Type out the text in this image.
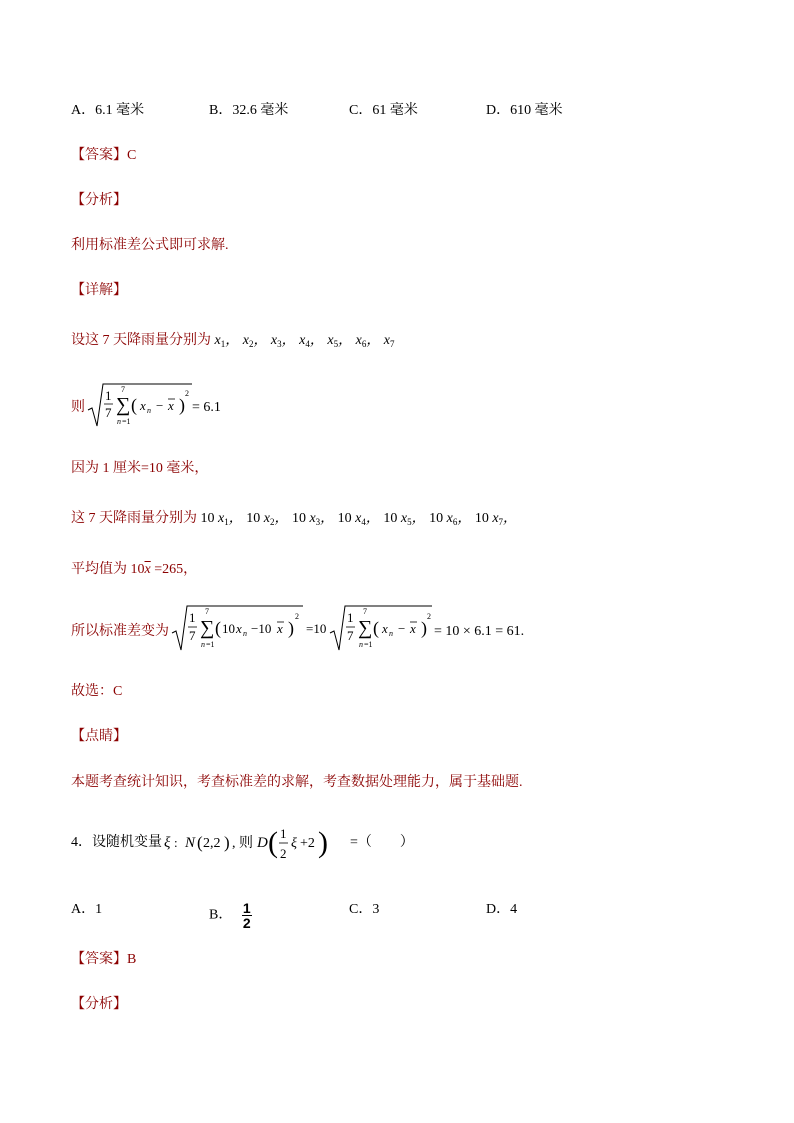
A．6.1 毫米	B．32.6 毫米	C．61 毫米	D．610 毫米
【答案】C
【分析】
利用标准差公式即可求解.
【详解】
设这 7 天降雨量分别为 $x_1$， $x_2$， $x_3$， $x_4$， $x_5$， $x_6$， $x_7$
则
1
7
7
∑
n =1
( x n − x )
2
= 6.1
因为 1 厘米=10 毫米，
这 7 天降雨量分别为 10 $x_1$， 10 $x_2$， 10 $x_3$， 10 $x_4$， 10 $x_5$， 10 $x_6$， 10 $x_7$，
平均值为 $10\overline{x} =265$，
所以标准差变为
1
7
7
∑
n =1
( 10 x n −10 x )
2
=10
1
7
7
∑
n =1
( x n − x )
2
= 10 × 6.1 = 61.
故选：C
【点睛】
本题考查统计知识，考查标准差的求解，考查数据处理能力，属于基础题.
4．设随机变量 ξ : N ( 2,2 ) , 则 D ( 1
2
ξ +2 ) =（　　）
A．1	B． $\frac{1}{2}$	C．3	D．4
【答案】B
【分析】
